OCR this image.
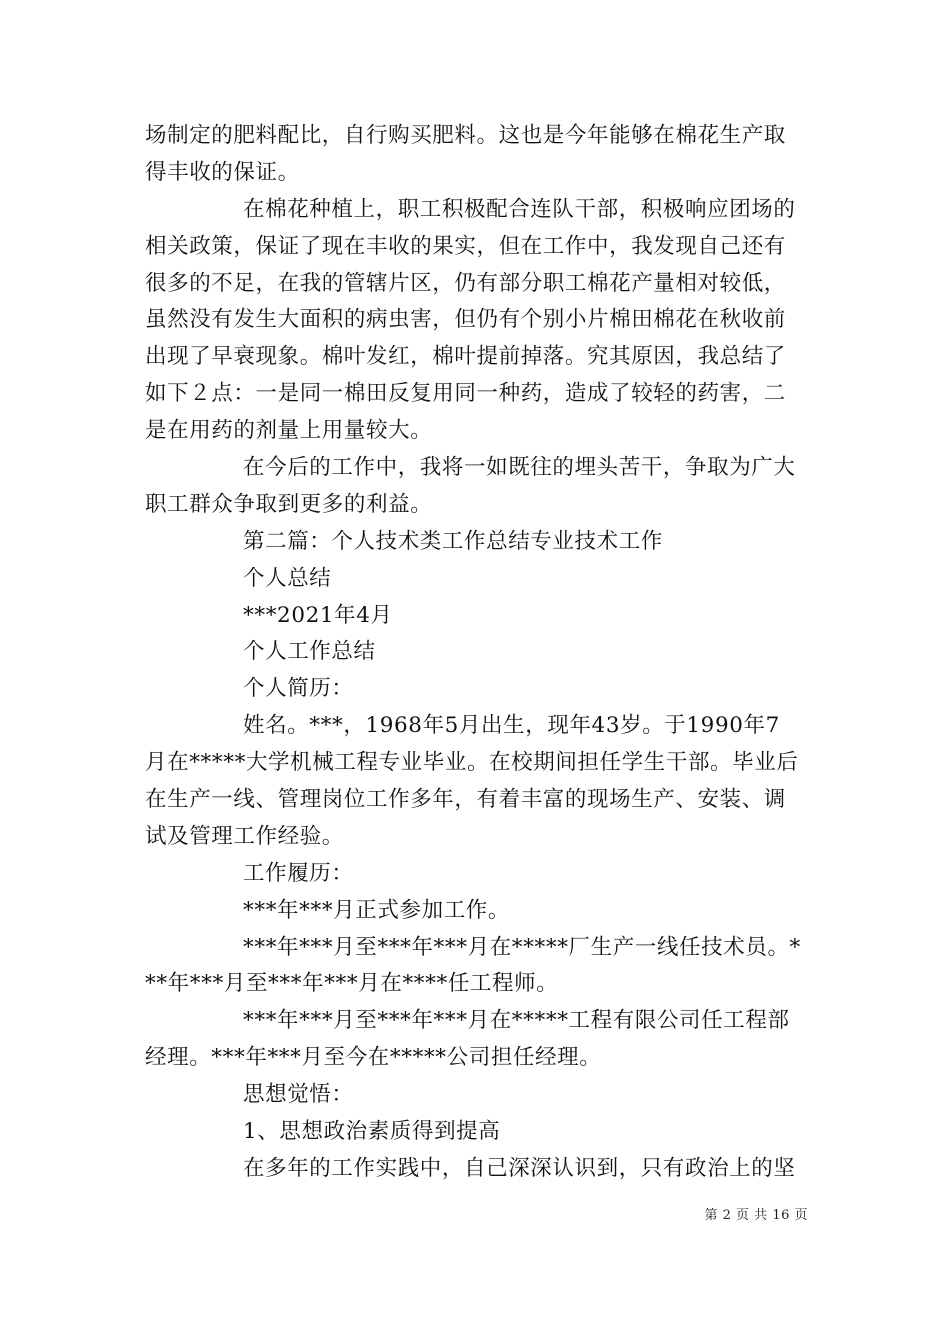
场制定的肥料配比，自行购买肥料。这也是今年能够在棉花生产取
得丰收的保证。
在棉花种植上，职工积极配合连队干部，积极响应团场的
相关政策，保证了现在丰收的果实，但在工作中，我发现自己还有
很多的不足，在我的管辖片区，仍有部分职工棉花产量相对较低，
虽然没有发生大面积的病虫害，但仍有个别小片棉田棉花在秋收前
出现了早衰现象。棉叶发红，棉叶提前掉落。究其原因，我总结了
如下２点：一是同一棉田反复用同一种药，造成了较轻的药害，二
是在用药的剂量上用量较大。
在今后的工作中，我将一如既往的埋头苦干，争取为广大
职工群众争取到更多的利益。
第二篇：个人技术类工作总结专业技术工作
个人总结
***2021年4月
个人工作总结
个人简历：
姓名。***，1968年5月出生，现年43岁。于1990年7
月在*****大学机械工程专业毕业。在校期间担任学生干部。毕业后
在生产一线、管理岗位工作多年，有着丰富的现场生产、安装、调
试及管理工作经验。
工作履历：
***年***月正式参加工作。
***年***月至***年***月在*****厂生产一线任技术员。*
**年***月至***年***月在****任工程师。
***年***月至***年***月在*****工程有限公司任工程部
经理。***年***月至今在*****公司担任经理。
思想觉悟：
1、思想政治素质得到提高
在多年的工作实践中，自己深深认识到，只有政治上的坚
第 2 页 共 16 页
